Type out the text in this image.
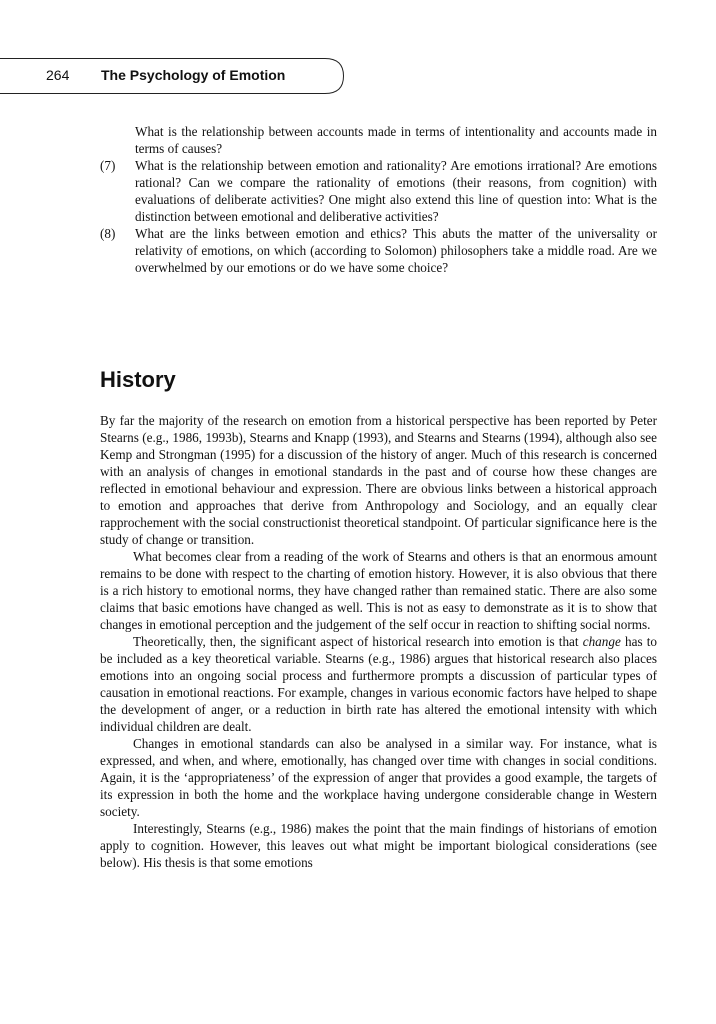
264 The Psychology of Emotion
What is the relationship between accounts made in terms of intentionality and accounts made in terms of causes?
(7) What is the relationship between emotion and rationality? Are emotions irrational? Are emotions rational? Can we compare the rationality of emotions (their reasons, from cognition) with evaluations of deliberate activities? One might also extend this line of question into: What is the distinction between emotional and deliberative activities?
(8) What are the links between emotion and ethics? This abuts the matter of the universality or relativity of emotions, on which (according to Solomon) philosophers take a middle road. Are we overwhelmed by our emotions or do we have some choice?
History

By far the majority of the research on emotion from a historical perspective has been reported by Peter Stearns (e.g., 1986, 1993b), Stearns and Knapp (1993), and Stearns and Stearns (1994), although also see Kemp and Strongman (1995) for a discussion of the history of anger. Much of this research is concerned with an analysis of changes in emotional standards in the past and of course how these changes are reflected in emotional behaviour and expression. There are obvious links between a historical approach to emotion and approaches that derive from Anthropology and Sociology, and an equally clear rapprochement with the social constructionist theoretical standpoint. Of particular significance here is the study of change or transition.

What becomes clear from a reading of the work of Stearns and others is that an enormous amount remains to be done with respect to the charting of emotion history. However, it is also obvious that there is a rich history to emotional norms, they have changed rather than remained static. There are also some claims that basic emotions have changed as well. This is not as easy to demonstrate as it is to show that changes in emotional perception and the judgement of the self occur in reaction to shifting social norms.

Theoretically, then, the significant aspect of historical research into emotion is that change has to be included as a key theoretical variable. Stearns (e.g., 1986) argues that historical research also places emotions into an ongoing social process and furthermore prompts a discussion of particular types of causation in emotional reactions. For example, changes in various economic factors have helped to shape the development of anger, or a reduction in birth rate has altered the emotional intensity with which individual children are dealt.

Changes in emotional standards can also be analysed in a similar way. For instance, what is expressed, and when, and where, emotionally, has changed over time with changes in social conditions. Again, it is the ‘appropriateness’ of the expression of anger that provides a good example, the targets of its expression in both the home and the workplace having undergone considerable change in Western society.

Interestingly, Stearns (e.g., 1986) makes the point that the main findings of historians of emotion apply to cognition. However, this leaves out what might be important biological considerations (see below). His thesis is that some emotions
